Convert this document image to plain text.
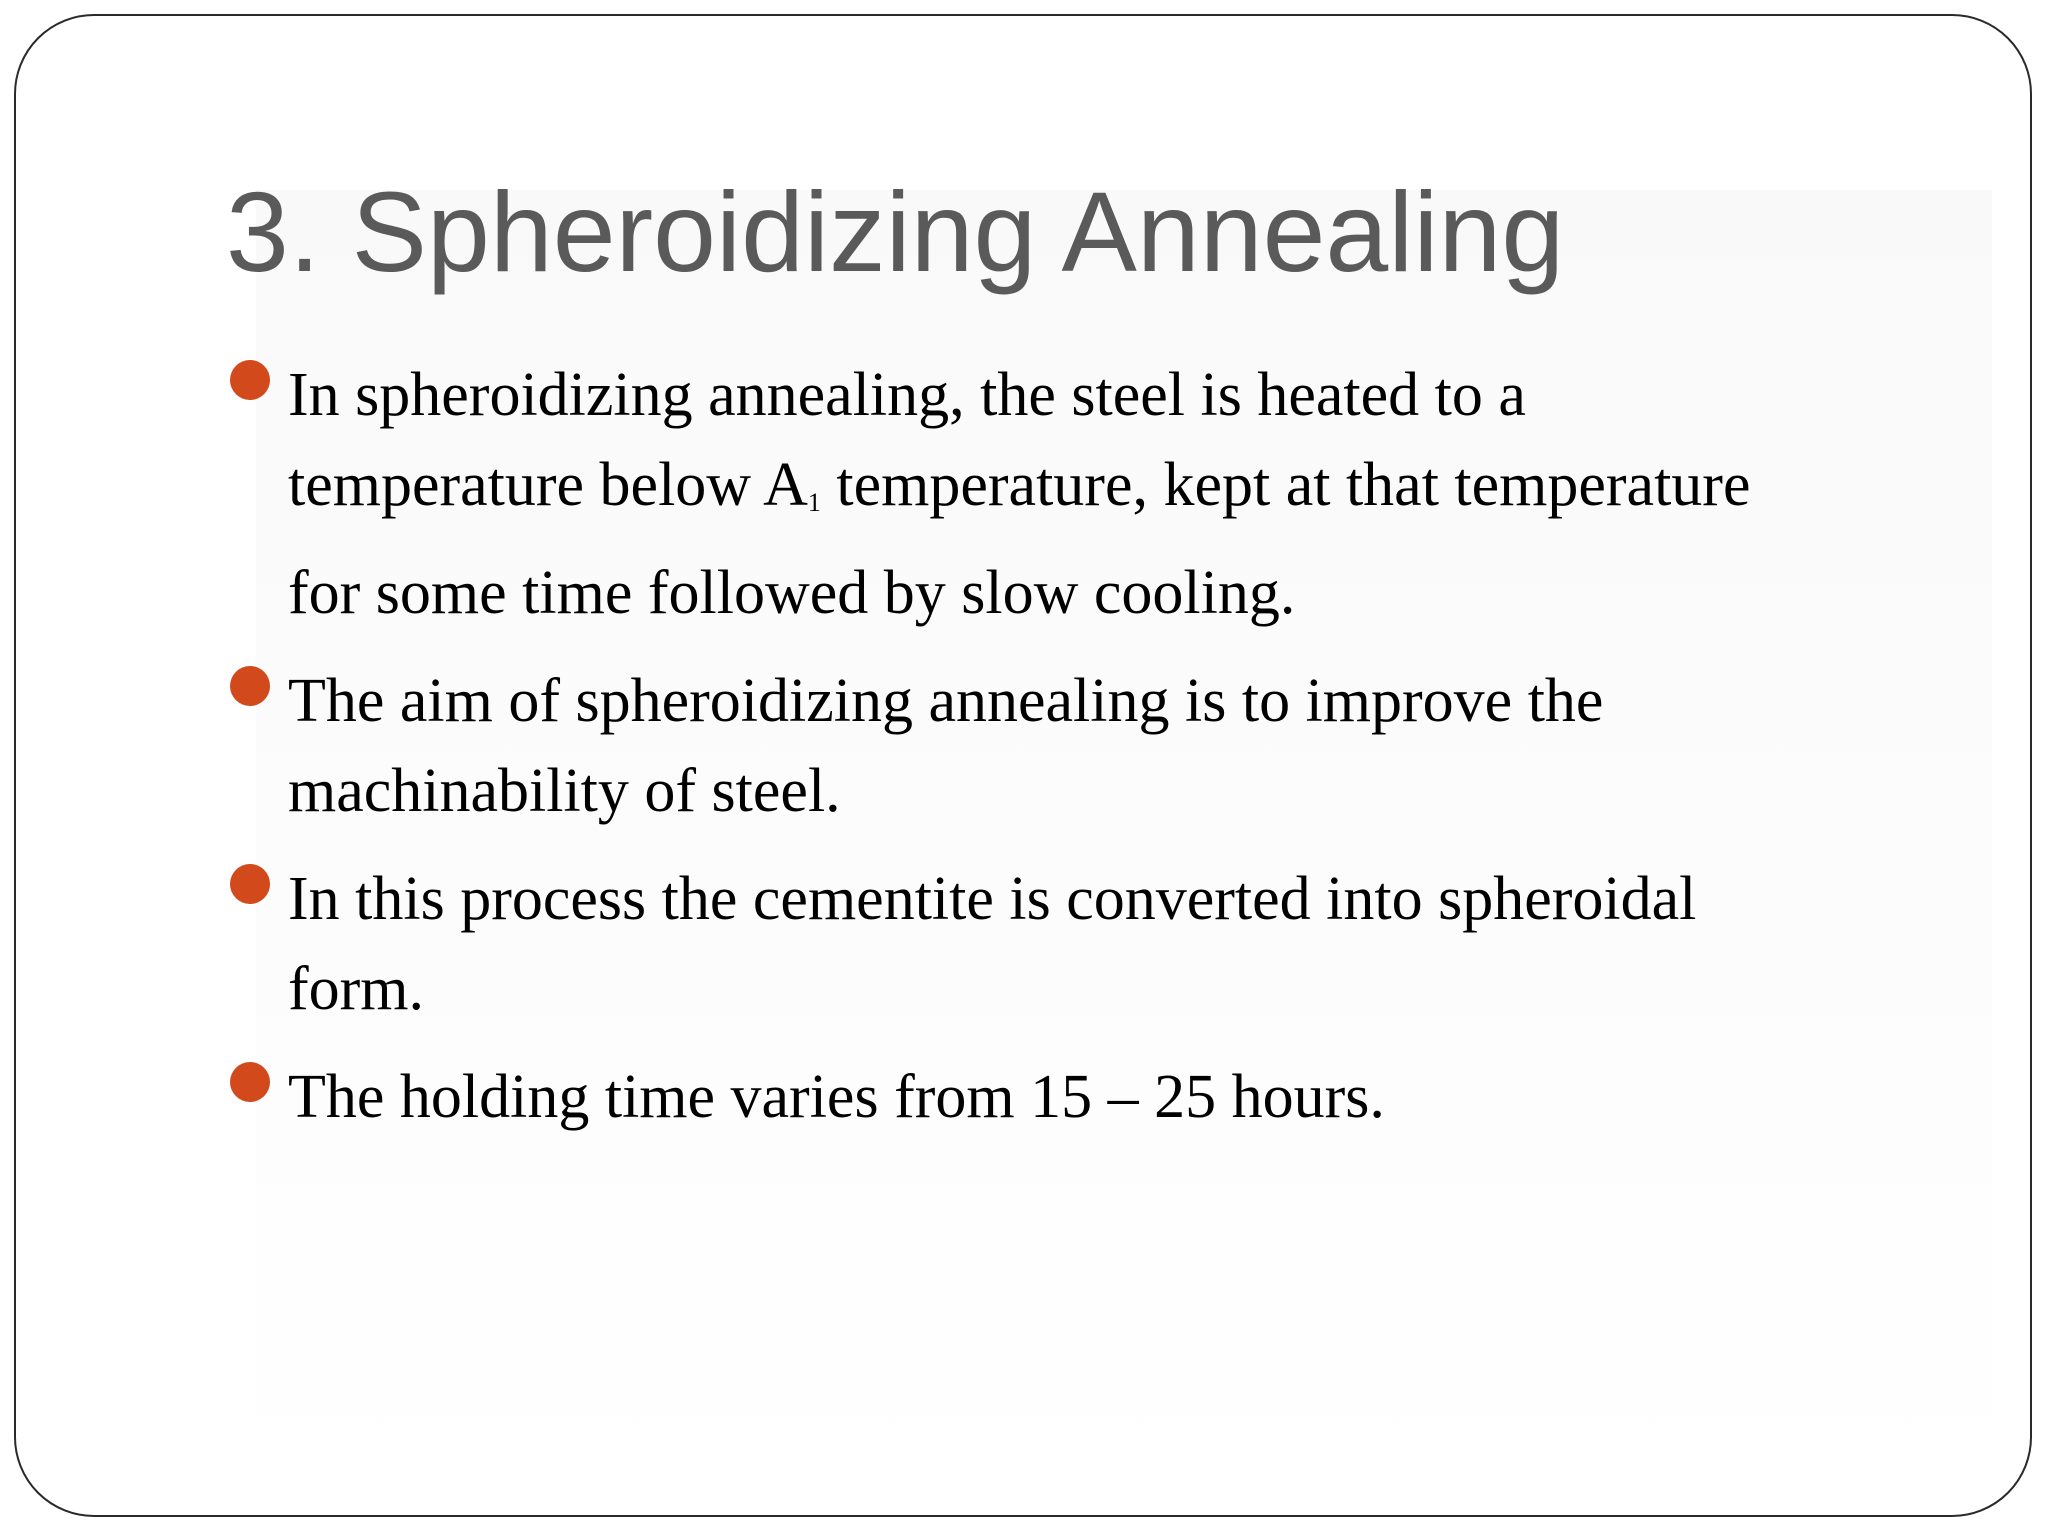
3. Spheroidizing Annealing
In spheroidizing annealing, the steel is heated to a
temperature below $A_1$ temperature, kept at that temperature
for some time followed by slow cooling.
The aim of spheroidizing annealing is to improve the
machinability of steel.
In this process the cementite is converted into spheroidal
form.
The holding time varies from 15 – 25 hours.
